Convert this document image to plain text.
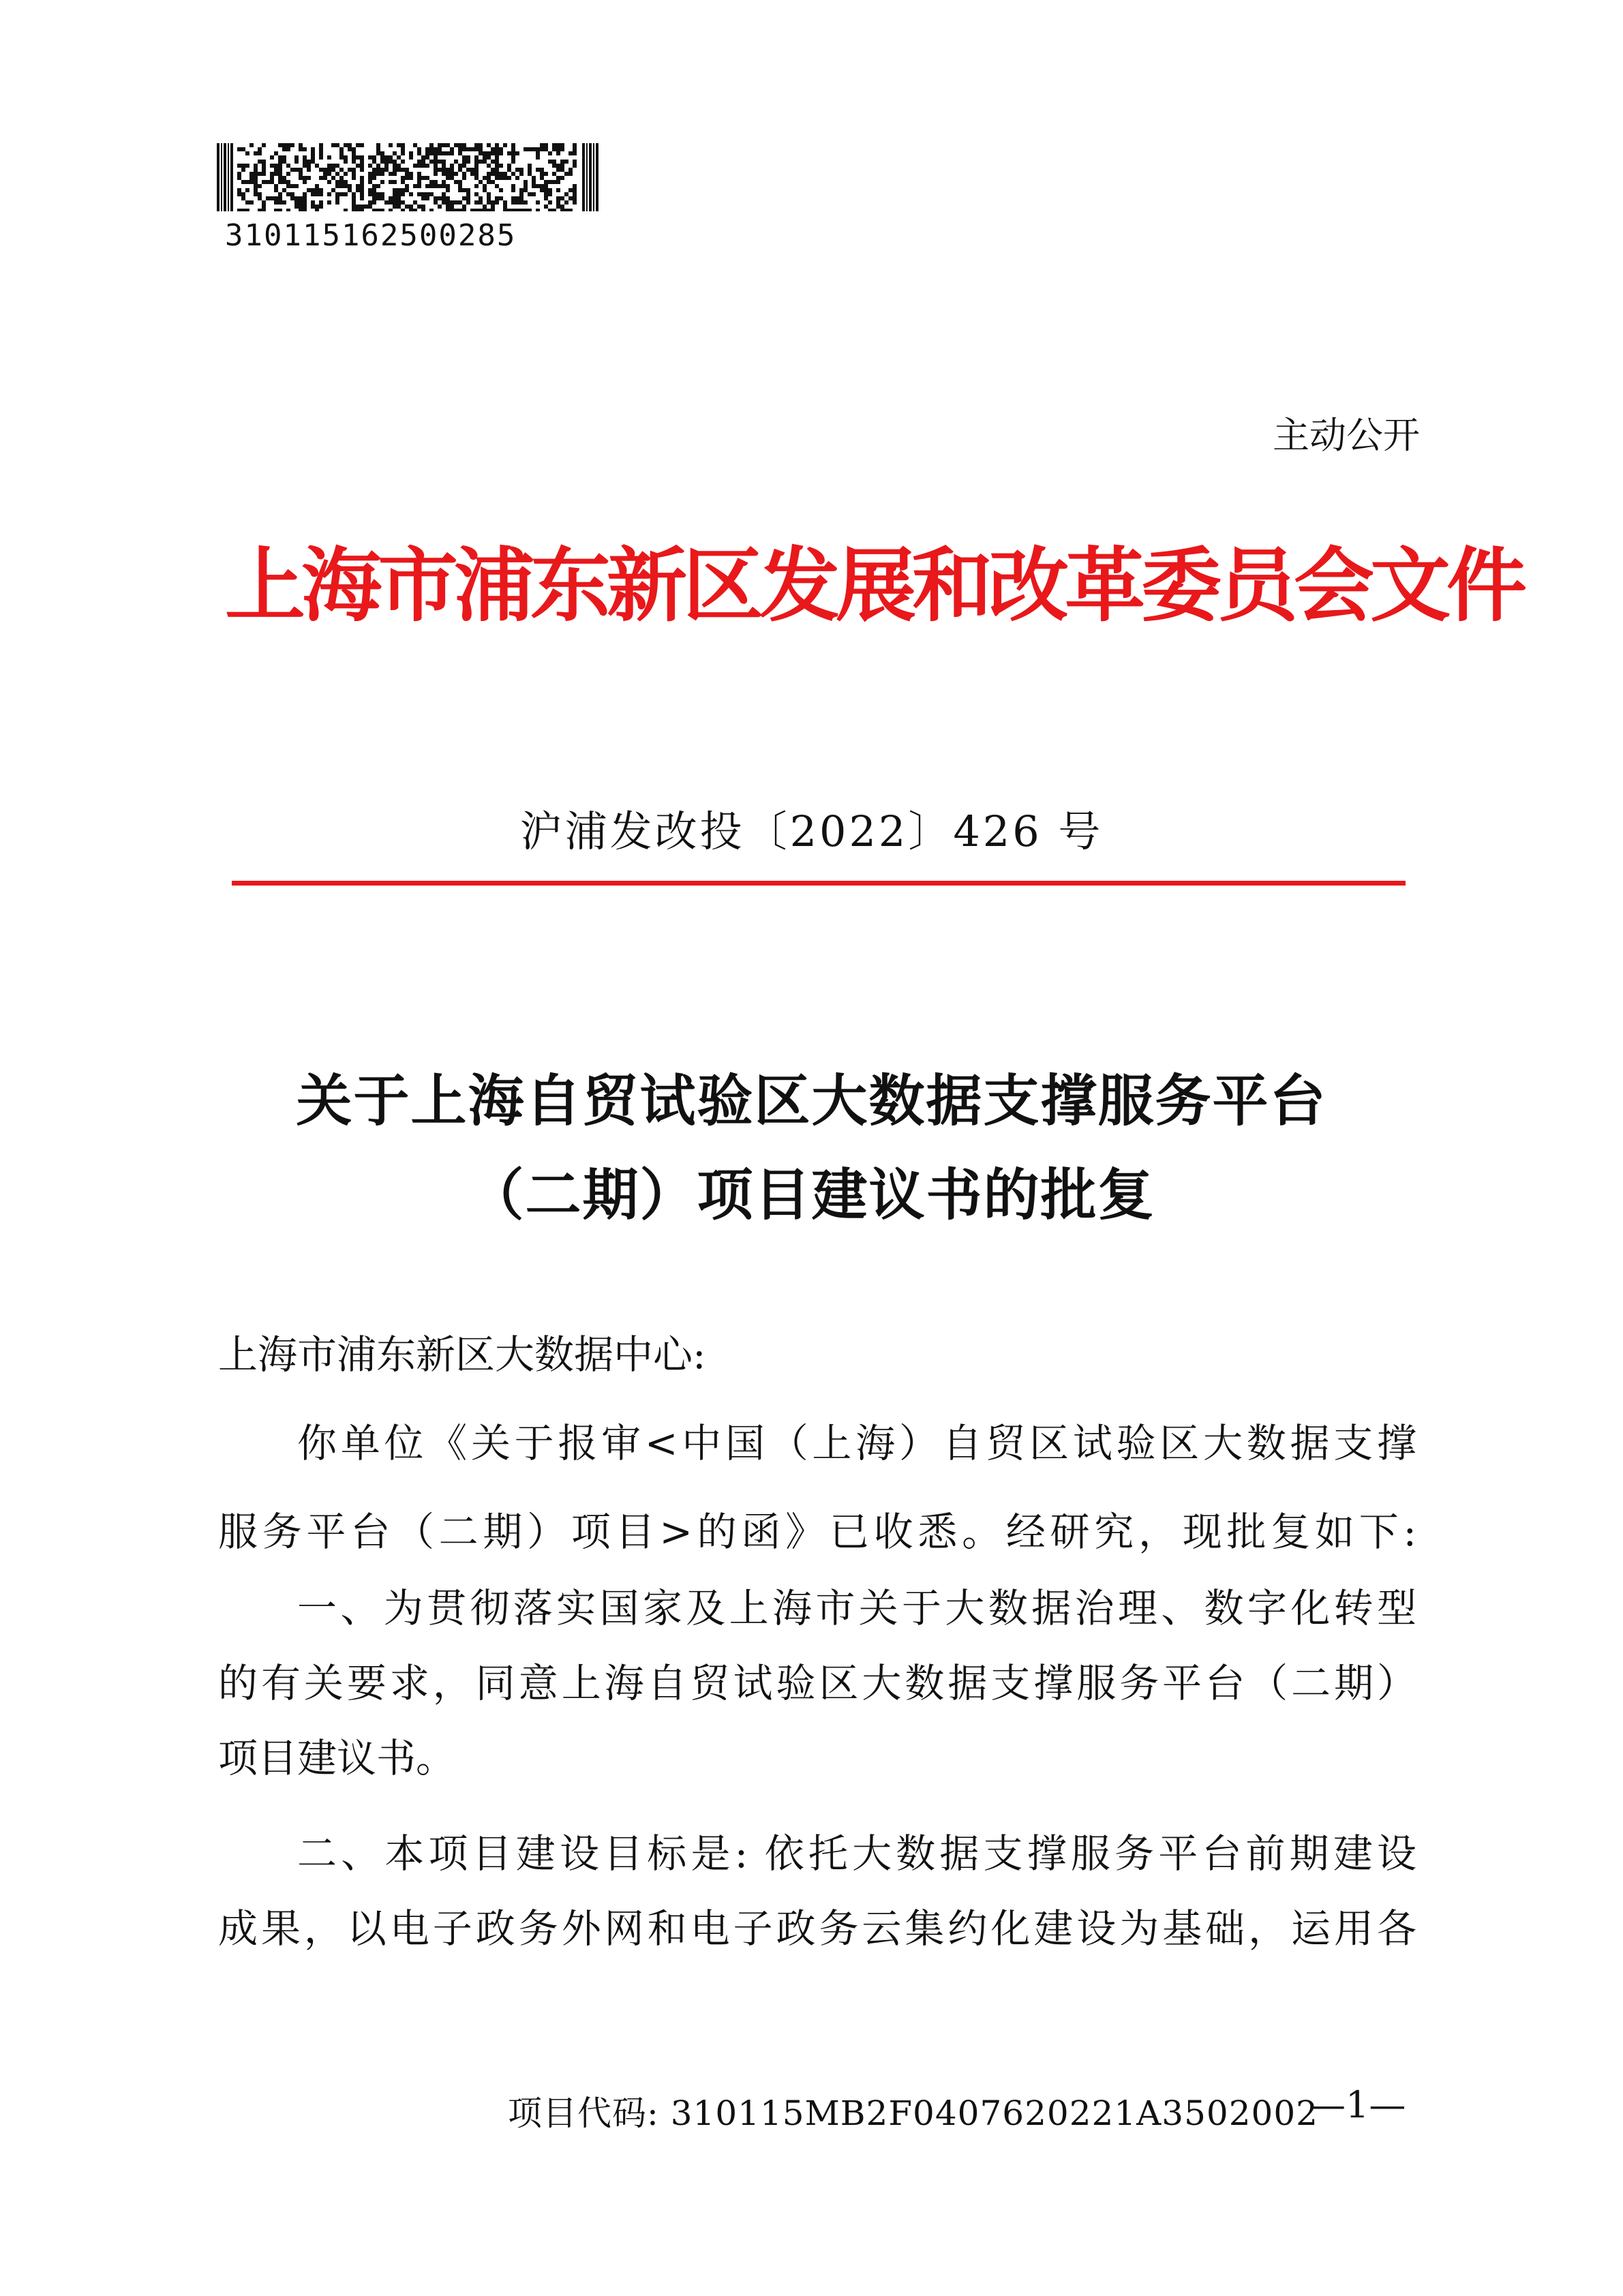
310115162500285
主动公开
上海市浦东新区发展和改革委员会文件
沪浦发改投〔2022〕426 号
关于上海自贸试验区大数据支撑服务平台
（二期）项目建议书的批复
上海市浦东新区大数据中心:
你单位《关于报审<中国（上海）自贸区试验区大数据支撑
服务平台（二期）项目>的函》已收悉。经研究，现批复如下:
一、为贯彻落实国家及上海市关于大数据治理、数字化转型
的有关要求，同意上海自贸试验区大数据支撑服务平台（二期）
项目建议书。
二、本项目建设目标是: 依托大数据支撑服务平台前期建设
成果，以电子政务外网和电子政务云集约化建设为基础，运用各
项目代码: 310115MB2F0407620221A3502002
—1—
